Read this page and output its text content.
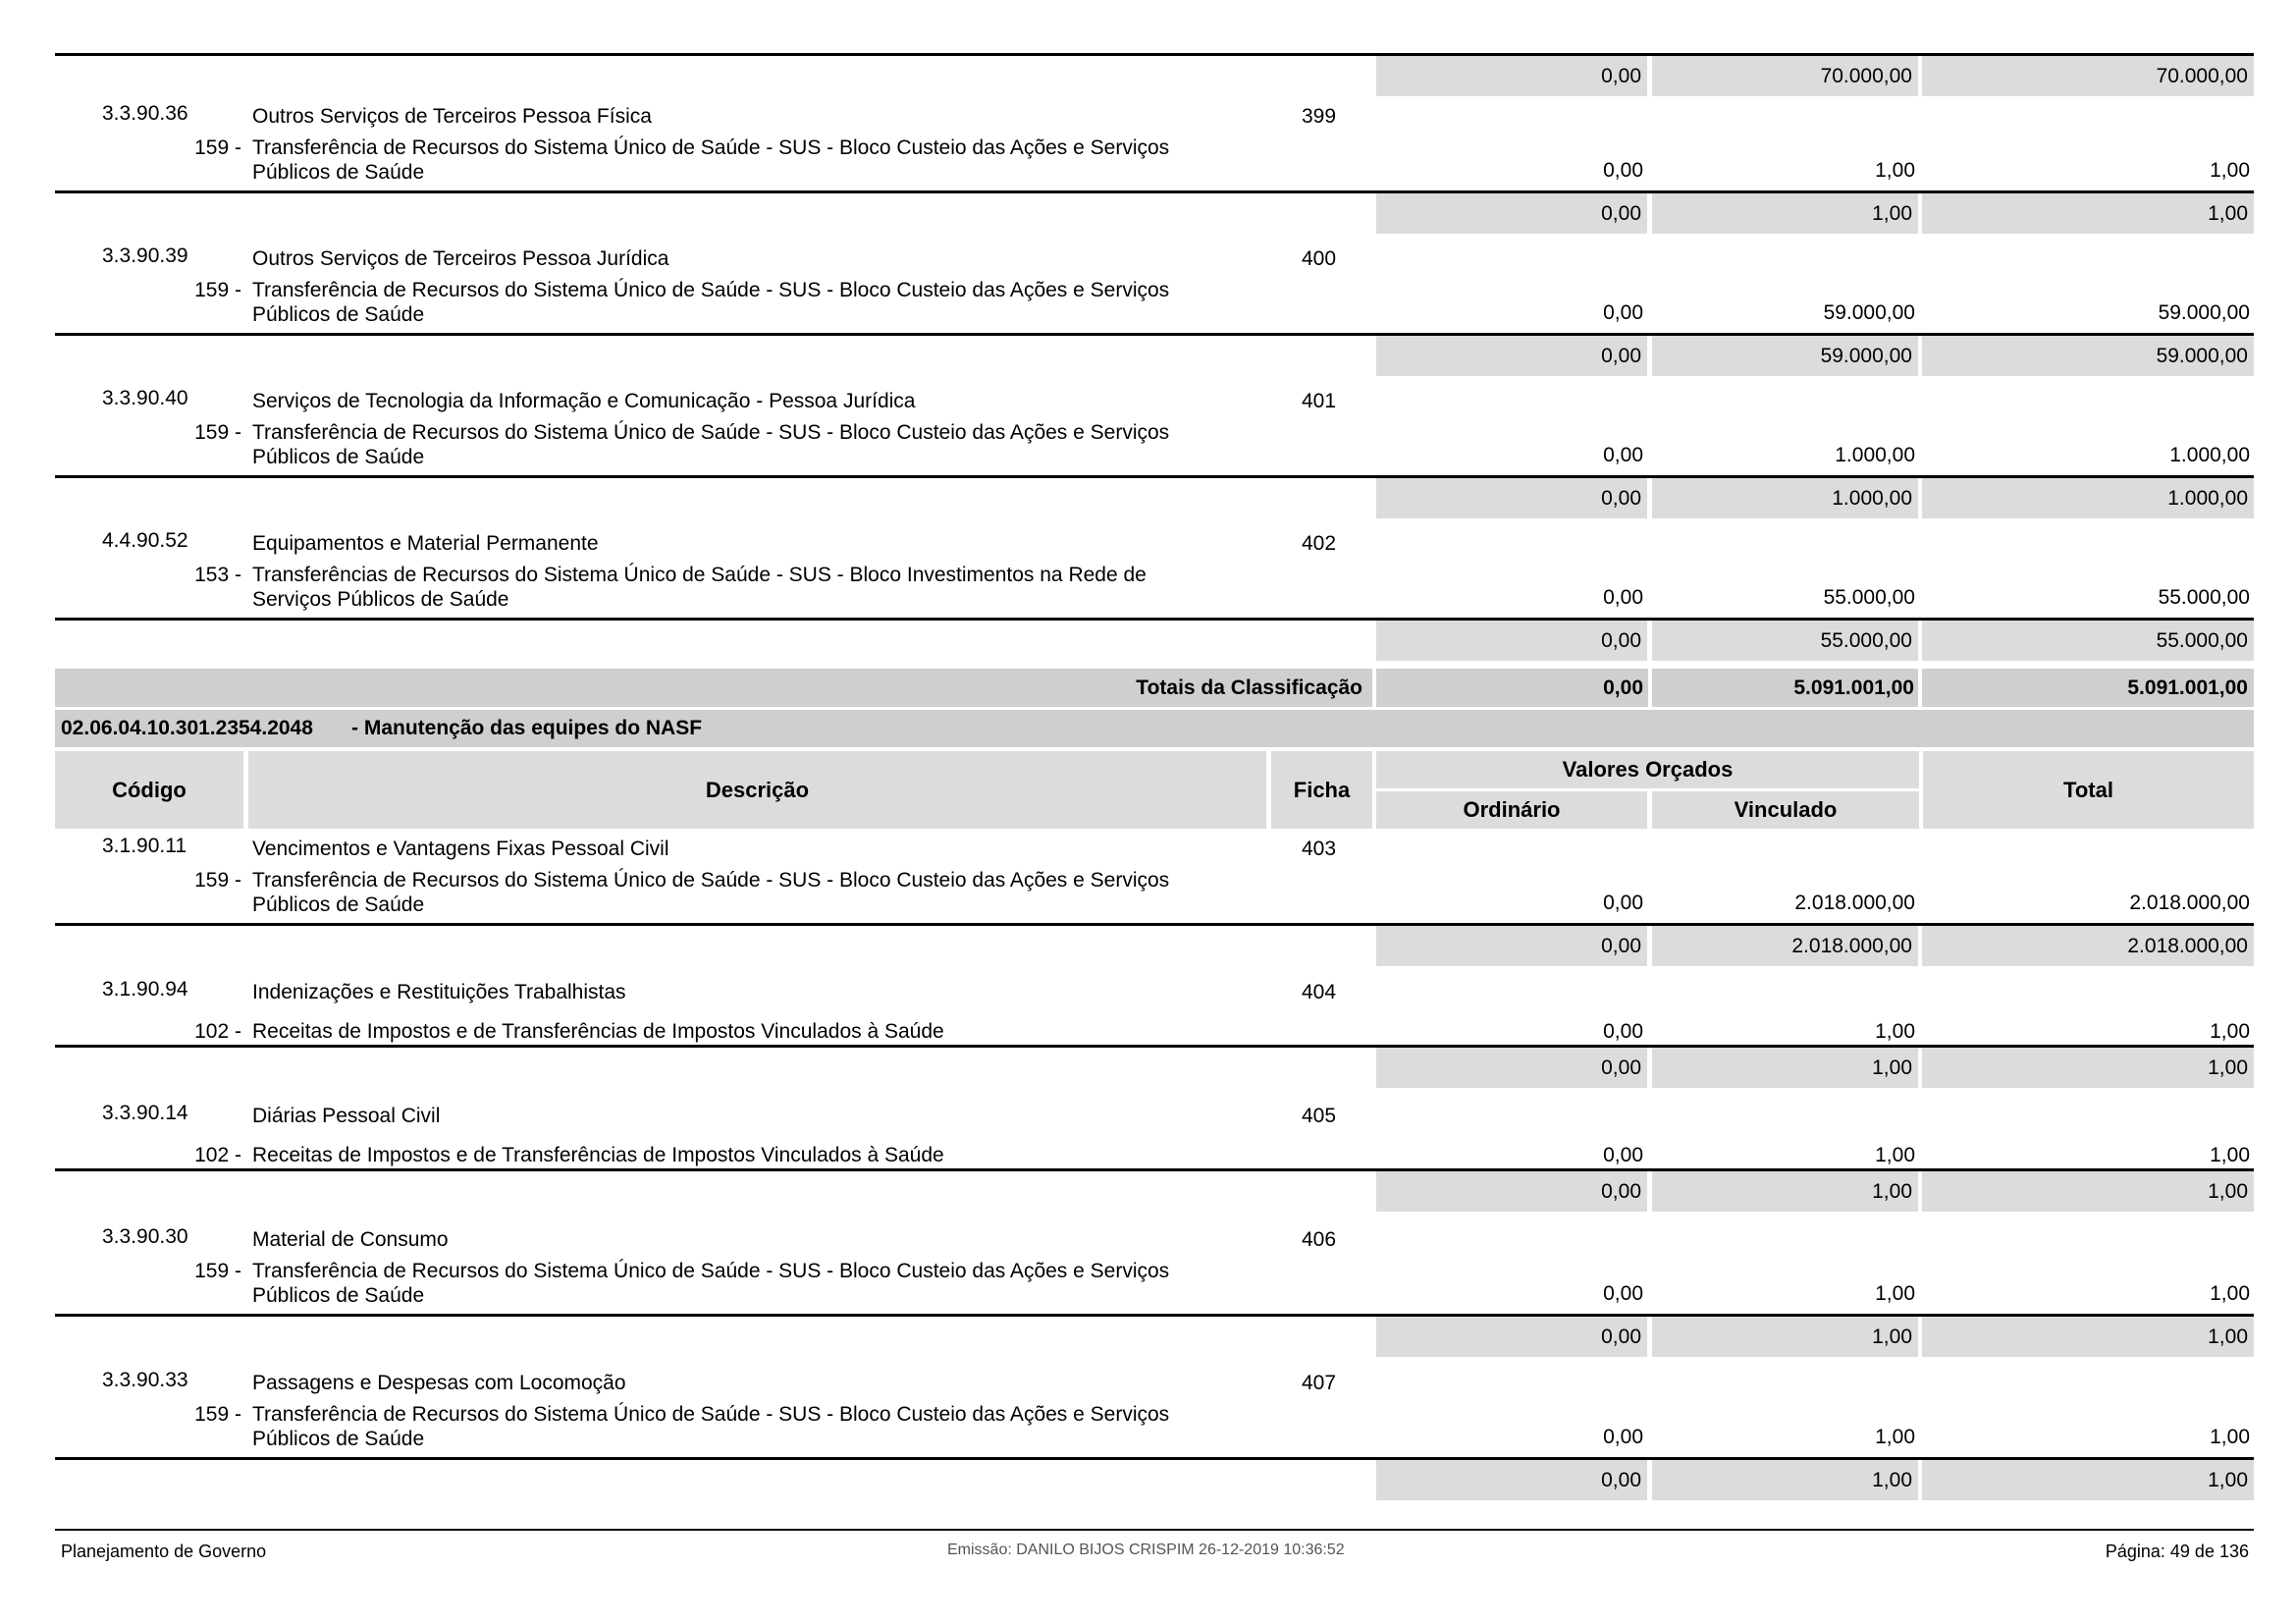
0,00	70.000,00	70.000,00
3.3.90.36	Outros Serviços de Terceiros Pessoa Física	399
159 - Transferência de Recursos do Sistema Único de Saúde - SUS - Bloco Custeio das Ações e Serviços
Públicos de Saúde	0,00	1,00	1,00
0,00	1,00	1,00
3.3.90.39	Outros Serviços de Terceiros Pessoa Jurídica	400
159 - Transferência de Recursos do Sistema Único de Saúde - SUS - Bloco Custeio das Ações e Serviços
Públicos de Saúde	0,00	59.000,00	59.000,00
0,00	59.000,00	59.000,00
3.3.90.40	Serviços de Tecnologia da Informação e Comunicação - Pessoa Jurídica	401
159 - Transferência de Recursos do Sistema Único de Saúde - SUS - Bloco Custeio das Ações e Serviços
Públicos de Saúde	0,00	1.000,00	1.000,00
0,00	1.000,00	1.000,00
4.4.90.52	Equipamentos e Material Permanente	402
153 - Transferências de Recursos do Sistema Único de Saúde - SUS - Bloco Investimentos na Rede de
Serviços Públicos de Saúde	0,00	55.000,00	55.000,00
0,00	55.000,00	55.000,00
Totais da Classificação	0,00	5.091.001,00	5.091.001,00
02.06.04.10.301.2354.2048 - Manutenção das equipes do NASF
Código	Descrição	Ficha
Valores Orçados
Ordinário	Vinculado
Total
3.1.90.11	Vencimentos e Vantagens Fixas Pessoal Civil	403
159 - Transferência de Recursos do Sistema Único de Saúde - SUS - Bloco Custeio das Ações e Serviços
Públicos de Saúde	0,00	2.018.000,00	2.018.000,00
0,00	2.018.000,00	2.018.000,00
3.1.90.94	Indenizações e Restituições Trabalhistas	404
102 - Receitas de Impostos e de Transferências de Impostos Vinculados à Saúde	0,00	1,00	1,00
0,00	1,00	1,00
3.3.90.14	Diárias Pessoal Civil	405
102 - Receitas de Impostos e de Transferências de Impostos Vinculados à Saúde	0,00	1,00	1,00
0,00	1,00	1,00
3.3.90.30	Material de Consumo	406
159 - Transferência de Recursos do Sistema Único de Saúde - SUS - Bloco Custeio das Ações e Serviços
Públicos de Saúde	0,00	1,00	1,00
0,00	1,00	1,00
3.3.90.33	Passagens e Despesas com Locomoção	407
159 - Transferência de Recursos do Sistema Único de Saúde - SUS - Bloco Custeio das Ações e Serviços
Públicos de Saúde	0,00	1,00	1,00
0,00	1,00	1,00
Planejamento de Governo	Emissão: DANILO BIJOS CRISPIM 26-12-2019 10:36:52	Página: 49 de 136
